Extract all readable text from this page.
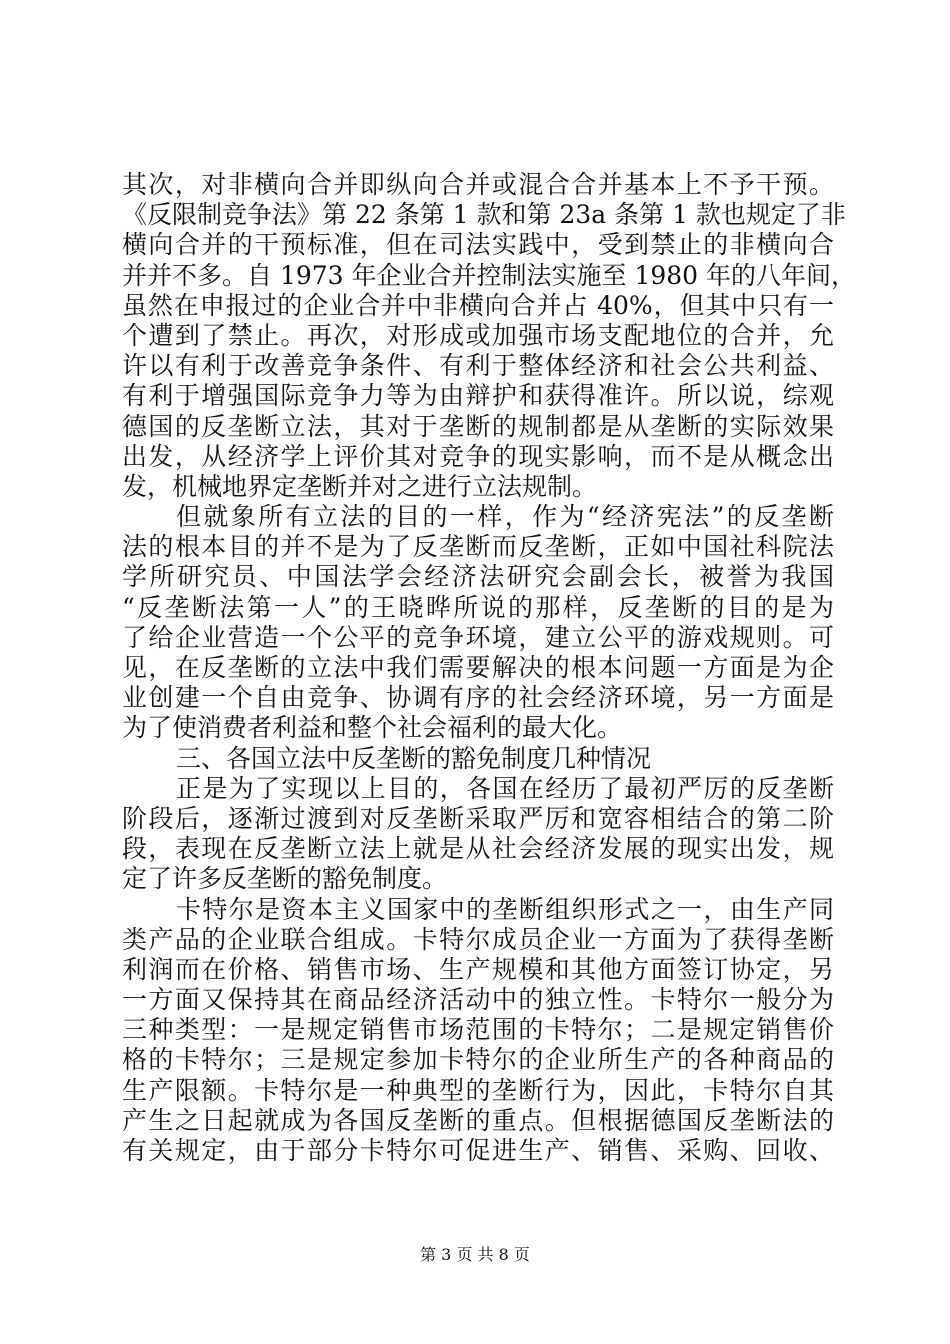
其次，对非横向合并即纵向合并或混合合并基本上不予干预。
《反限制竞争法》第 22 条第 1 款和第 23a 条第 1 款也规定了非
横向合并的干预标准，但在司法实践中，受到禁止的非横向合
并并不多。自 1973 年企业合并控制法实施至 1980 年的八年间，
虽然在申报过的企业合并中非横向合并占 40%，但其中只有一
个遭到了禁止。再次，对形成或加强市场支配地位的合并，允
许以有利于改善竞争条件、有利于整体经济和社会公共利益、
有利于增强国际竞争力等为由辩护和获得准许。所以说，综观
德国的反垄断立法，其对于垄断的规制都是从垄断的实际效果
出发，从经济学上评价其对竞争的现实影响，而不是从概念出
发，机械地界定垄断并对之进行立法规制。
但就象所有立法的目的一样，作为“经济宪法”的反垄断
法的根本目的并不是为了反垄断而反垄断，正如中国社科院法
学所研究员、中国法学会经济法研究会副会长，被誉为我国
“反垄断法第一人”的王晓晔所说的那样，反垄断的目的是为
了给企业营造一个公平的竞争环境，建立公平的游戏规则。可
见，在反垄断的立法中我们需要解决的根本问题一方面是为企
业创建一个自由竞争、协调有序的社会经济环境，另一方面是
为了使消费者利益和整个社会福利的最大化。
三、各国立法中反垄断的豁免制度几种情况
正是为了实现以上目的，各国在经历了最初严厉的反垄断
阶段后，逐渐过渡到对反垄断采取严厉和宽容相结合的第二阶
段，表现在反垄断立法上就是从社会经济发展的现实出发，规
定了许多反垄断的豁免制度。
卡特尔是资本主义国家中的垄断组织形式之一，由生产同
类产品的企业联合组成。卡特尔成员企业一方面为了获得垄断
利润而在价格、销售市场、生产规模和其他方面签订协定，另
一方面又保持其在商品经济活动中的独立性。卡特尔一般分为
三种类型：一是规定销售市场范围的卡特尔；二是规定销售价
格的卡特尔；三是规定参加卡特尔的企业所生产的各种商品的
生产限额。卡特尔是一种典型的垄断行为，因此，卡特尔自其
产生之日起就成为各国反垄断的重点。但根据德国反垄断法的
有关规定，由于部分卡特尔可促进生产、销售、采购、回收、
第 3 页 共 8 页
